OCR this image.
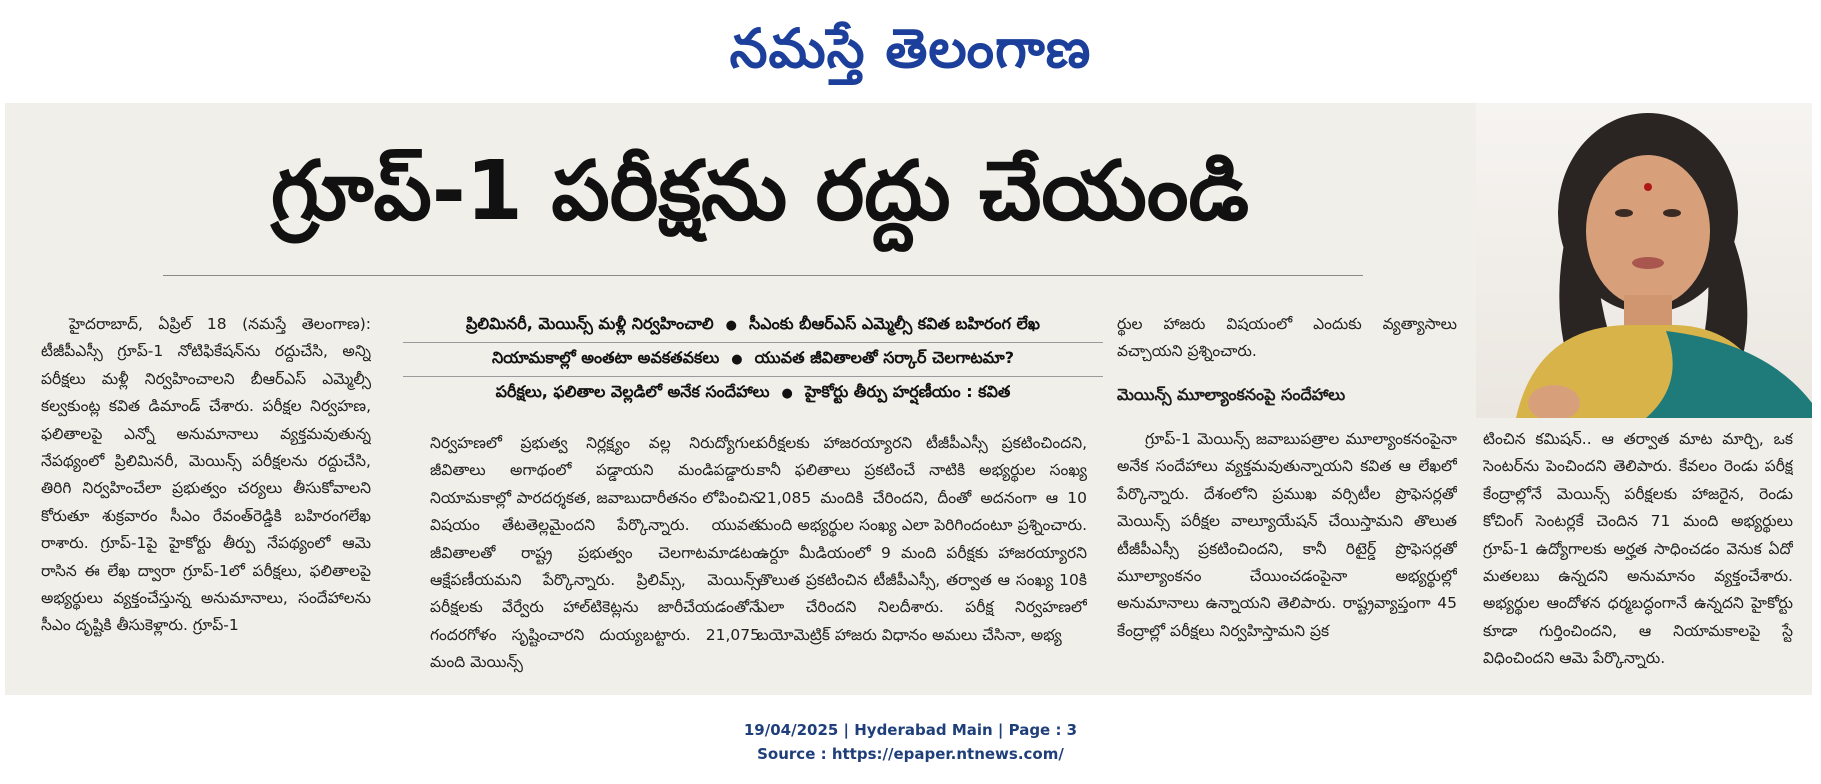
నమస్తే తెలంగాణ
గ్రూప్-1 పరీక్షను రద్దు చేయండి
హైదరాబాద్, ఏప్రిల్ 18 (నమస్తే తెలంగాణ): టీజీపీఎస్సీ గ్రూప్-1 నోటిఫికేషన్‌ను రద్దుచేసి, అన్ని పరీక్షలు మళ్లీ నిర్వహించాలని బీఆర్ఎస్ ఎమ్మెల్సీ కల్వకుంట్ల కవిత డిమాండ్ చేశారు. పరీక్షల నిర్వహణ, ఫలితాలపై ఎన్నో అనుమానాలు వ్యక్తమవుతున్న నేపథ్యంలో ప్రిలిమినరీ, మెయిన్స్ పరీక్షలను రద్దుచేసి, తిరిగి నిర్వహించేలా ప్రభుత్వం చర్యలు తీసుకోవాలని కోరుతూ శుక్రవారం సీఎం రేవంత్‌రెడ్డికి బహిరంగలేఖ రాశారు. గ్రూప్-1పై హైకోర్టు తీర్పు నేపథ్యంలో ఆమె రాసిన ఈ లేఖ ద్వారా గ్రూప్-1లో పరీక్షలు, ఫలితాలపై అభ్యర్థులు వ్యక్తంచేస్తున్న అనుమానాలు, సందేహాలను సీఎం దృష్టికి తీసుకెళ్లారు. గ్రూప్-1
ప్రిలిమినరీ, మెయిన్స్ మళ్లీ నిర్వహించాలి ● సీఎంకు బీఆర్ఎస్ ఎమ్మెల్సీ కవిత బహిరంగ లేఖ
నియామకాల్లో అంతటా అవకతవకలు ● యువత జీవితాలతో సర్కార్ చెలగాటమా?
పరీక్షలు, ఫలితాల వెల్లడిలో అనేక సందేహాలు ● హైకోర్టు తీర్పు హర్షణీయం : కవిత
నిర్వహణలో ప్రభుత్వ నిర్లక్ష్యం వల్ల నిరుద్యోగుల జీవితాలు అగాథంలో పడ్డాయని మండిపడ్డారు. నియామకాల్లో పారదర్శకత, జవాబుదారీతనం లోపించిన విషయం తేటతెల్లమైందని పేర్కొన్నారు. యువత జీవితాలతో రాష్ట్ర ప్రభుత్వం చెలగాటమాడటం ఆక్షేపణీయమని పేర్కొన్నారు. ప్రిలిమ్స్, మెయిన్స్ పరీక్షలకు వేర్వేరు హాల్‌టికెట్లను జారీచేయడంతోనే గందరగోళం సృష్టించారని దుయ్యబట్టారు. 21,075 మంది మెయిన్స్
పరీక్షలకు హాజరయ్యారని టీజీపీఎస్సీ ప్రకటించిందని, కానీ ఫలితాలు ప్రకటించే నాటికి అభ్యర్థుల సంఖ్య 21,085 మందికి చేరిందని, దీంతో అదనంగా ఆ 10 మంది అభ్యర్థుల సంఖ్య ఎలా పెరిగిందంటూ ప్రశ్నించారు. ఉర్దూ మీడియంలో 9 మంది పరీక్షకు హాజరయ్యారని తొలుత ప్రకటించిన టీజీపీఎస్సీ, తర్వాత ఆ సంఖ్య 10కి ఎలా చేరిందని నిలదీశారు. పరీక్ష నిర్వహణలో బయోమెట్రిక్ హాజరు విధానం అమలు చేసినా, అభ్య
ర్థుల హాజరు విషయంలో ఎందుకు వ్యత్యాసాలు వచ్చాయని ప్రశ్నించారు.
మెయిన్స్ మూల్యాంకనంపై సందేహాలు
గ్రూప్-1 మెయిన్స్ జవాబుపత్రాల మూల్యాంకనంపైనా అనేక సందేహాలు వ్యక్తమవుతున్నాయని కవిత ఆ లేఖలో పేర్కొన్నారు. దేశంలోని ప్రముఖ వర్సిటీల ప్రొఫెసర్లతో మెయిన్స్ పరీక్షల వాల్యూయేషన్ చేయిస్తామని తొలుత టీజీపీఎస్సీ ప్రకటించిందని, కానీ రిటైర్డ్ ప్రొఫెసర్లతో మూల్యాంకనం చేయించడంపైనా అభ్యర్థుల్లో అనుమానాలు ఉన్నాయని తెలిపారు. రాష్ట్రవ్యాప్తంగా 45 కేంద్రాల్లో పరీక్షలు నిర్వహిస్తామని ప్రక
టించిన కమిషన్.. ఆ తర్వాత మాట మార్చి, ఒక సెంటర్‌ను పెంచిందని తెలిపారు. కేవలం రెండు పరీక్ష కేంద్రాల్లోనే మెయిన్స్ పరీక్షలకు హాజరైన, రెండు కోచింగ్ సెంటర్లకే చెందిన 71 మంది అభ్యర్థులు గ్రూప్-1 ఉద్యోగాలకు అర్హత సాధించడం వెనుక ఏదో మతలబు ఉన్నదని అనుమానం వ్యక్తంచేశారు. అభ్యర్థుల ఆందోళన ధర్మబద్ధంగానే ఉన్నదని హైకోర్టు కూడా గుర్తించిందని, ఆ నియామకాలపై స్టే విధించిందని ఆమె పేర్కొన్నారు.
19/04/2025 | Hyderabad Main | Page : 3
Source : https://epaper.ntnews.com/
